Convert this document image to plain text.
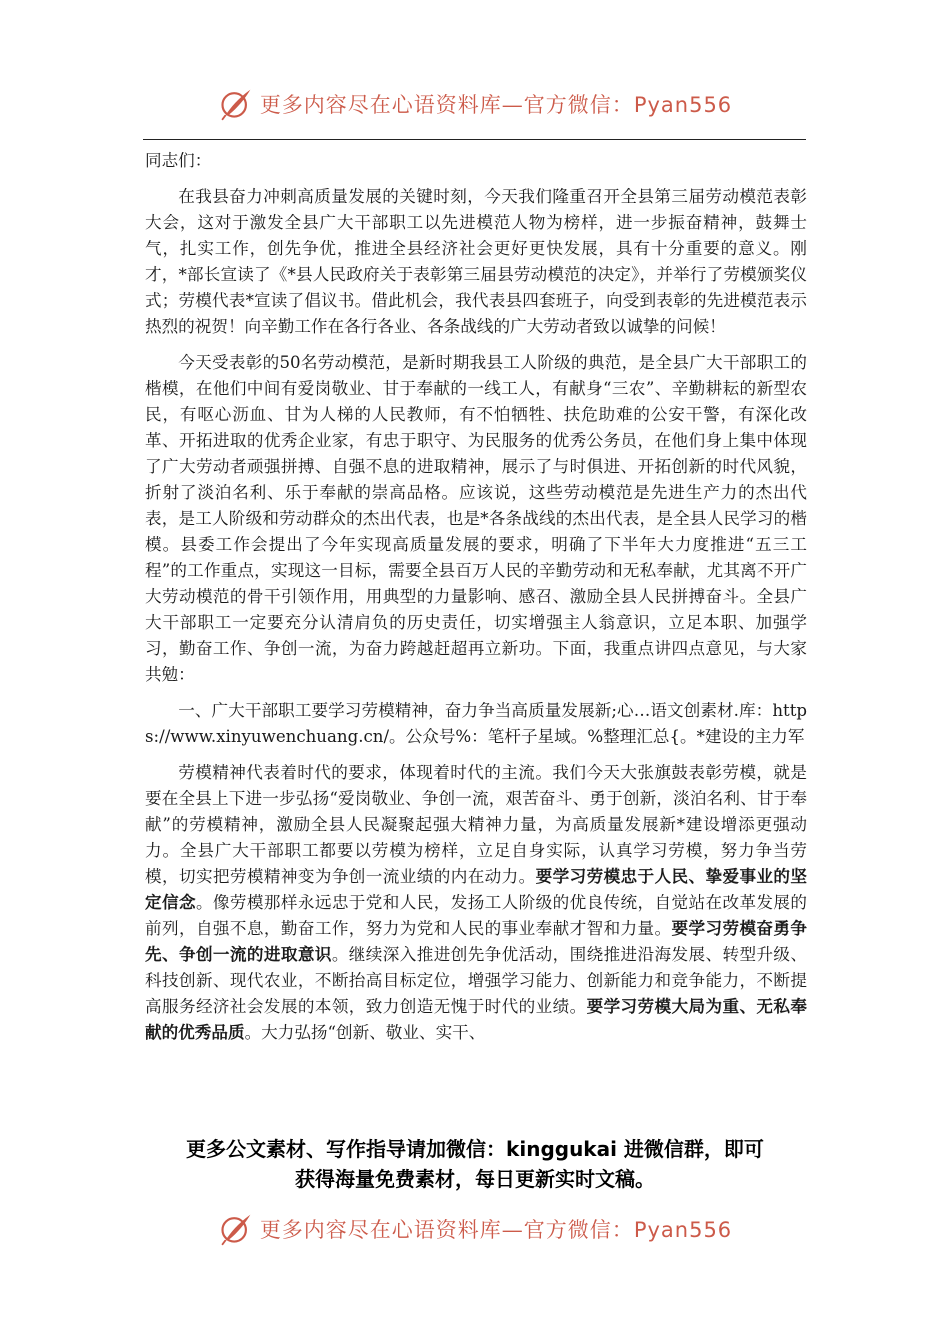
更多内容尽在心语资料库—官方微信：Pyan556

同志们：

在我县奋力冲刺高质量发展的关键时刻，今天我们隆重召开全县第三届劳动模范表彰大会，这对于激发全县广大干部职工以先进模范人物为榜样，进一步振奋精神，鼓舞士气，扎实工作，创先争优，推进全县经济社会更好更快发展，具有十分重要的意义。刚才，*部长宣读了《*县人民政府关于表彰第三届县劳动模范的决定》，并举行了劳模颁奖仪式；劳模代表*宣读了倡议书。借此机会，我代表县四套班子，向受到表彰的先进模范表示热烈的祝贺！向辛勤工作在各行各业、各条战线的广大劳动者致以诚挚的问候！

今天受表彰的50名劳动模范，是新时期我县工人阶级的典范，是全县广大干部职工的楷模，在他们中间有爱岗敬业、甘于奉献的一线工人，有献身“三农”、辛勤耕耘的新型农民，有呕心沥血、甘为人梯的人民教师，有不怕牺牲、扶危助难的公安干警，有深化改革、开拓进取的优秀企业家，有忠于职守、为民服务的优秀公务员，在他们身上集中体现了广大劳动者顽强拼搏、自强不息的进取精神，展示了与时俱进、开拓创新的时代风貌，折射了淡泊名利、乐于奉献的崇高品格。应该说，这些劳动模范是先进生产力的杰出代表，是工人阶级和劳动群众的杰出代表，也是*各条战线的杰出代表，是全县人民学习的楷模。县委工作会提出了今年实现高质量发展的要求，明确了下半年大力度推进“五三工程”的工作重点，实现这一目标，需要全县百万人民的辛勤劳动和无私奉献，尤其离不开广大劳动模范的骨干引领作用，用典型的力量影响、感召、激励全县人民拼搏奋斗。全县广大干部职工一定要充分认清肩负的历史责任，切实增强主人翁意识，立足本职、加强学习，勤奋工作、争创一流，为奋力跨越赶超再立新功。下面，我重点讲四点意见，与大家共勉：

一、广大干部职工要学习劳模精神，奋力争当高质量发展新;心…语文创素材.库：https://www.xinyuwenchuang.cn/。公众号%：笔杆子星域。%整理汇总{。*建设的主力军

劳模精神代表着时代的要求，体现着时代的主流。我们今天大张旗鼓表彰劳模，就是要在全县上下进一步弘扬“爱岗敬业、争创一流，艰苦奋斗、勇于创新，淡泊名利、甘于奉献”的劳模精神，激励全县人民凝聚起强大精神力量，为高质量发展新*建设增添更强动力。全县广大干部职工都要以劳模为榜样，立足自身实际，认真学习劳模，努力争当劳模，切实把劳模精神变为争创一流业绩的内在动力。要学习劳模忠于人民、挚爱事业的坚定信念。像劳模那样永远忠于党和人民，发扬工人阶级的优良传统，自觉站在改革发展的前列，自强不息，勤奋工作，努力为党和人民的事业奉献才智和力量。要学习劳模奋勇争先、争创一流的进取意识。继续深入推进创先争优活动，围绕推进沿海发展、转型升级、科技创新、现代农业，不断抬高目标定位，增强学习能力、创新能力和竞争能力，不断提高服务经济社会发展的本领，致力创造无愧于时代的业绩。要学习劳模大局为重、无私奉献的优秀品质。大力弘扬“创新、敬业、实干、

更多公文素材、写作指导请加微信：kinggukai 进微信群，即可

获得海量免费素材，每日更新实时文稿。

更多内容尽在心语资料库—官方微信：Pyan556
